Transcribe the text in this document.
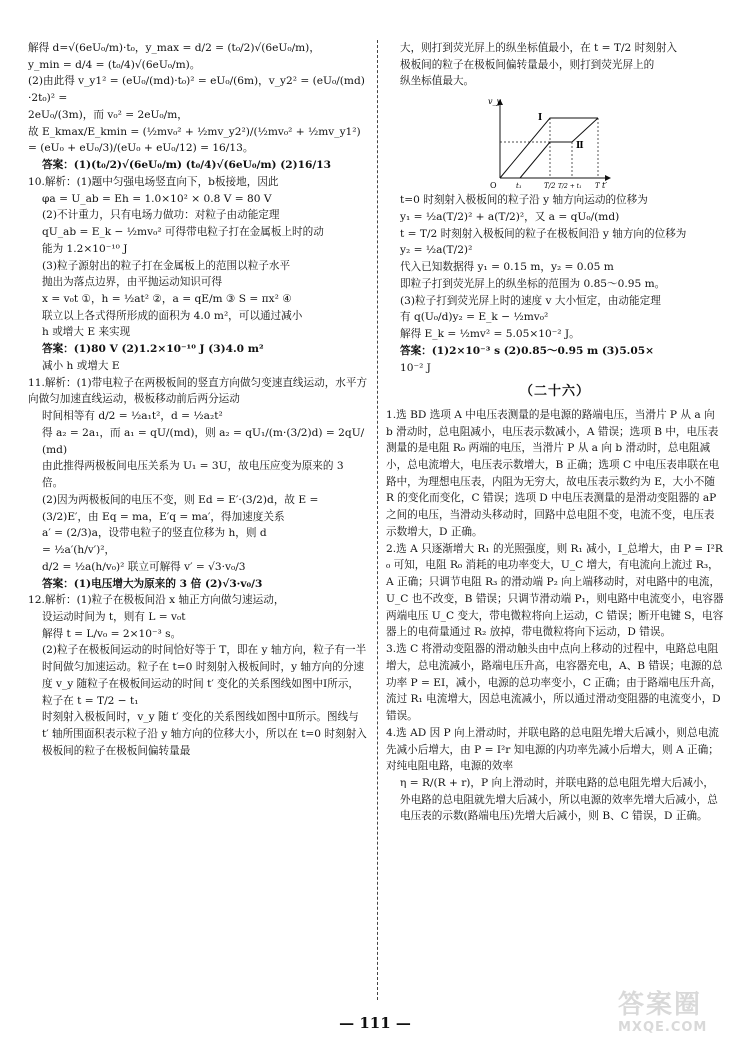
解得 d=√(6eU₀/m)·t₀，y_max = d/2 = (t₀/2)√(6eU₀/m)，

y_min = d/4 = (t₀/4)√(6eU₀/m)。

(2)由此得 v_y1² = (eU₀/(md)·t₀)² = eU₀/(6m)，v_y2² = (eU₀/(md)·2t₀)² =

2eU₀/(3m)，而 v₀² = 2eU₀/m，

故 E_kmax/E_kmin = (½mv₀² + ½mv_y2²)/(½mv₀² + ½mv_y1²) = (eU₀ + eU₀/3)/(eU₀ + eU₀/12) = 16/13。

答案：(1)(t₀/2)√(6eU₀/m) (t₀/4)√(6eU₀/m) (2)16/13

10.解析：(1)题中匀强电场竖直向下，b板接地，因此

φa = U_ab = Eh = 1.0×10² × 0.8 V = 80 V

(2)不计重力，只有电场力做功：对粒子由动能定理

qU_ab = E_k − ½mv₀² 可得带电粒子打在金属板上时的动

能为 1.2×10⁻¹⁰ J

(3)粒子源射出的粒子打在金属板上的范围以粒子水平

抛出为落点边界，由平抛运动知识可得

x = v₀t ①，h = ½at² ②，a = qE/m ③ S = πx² ④

联立以上各式得所形成的面积为 4.0 m²，可以通过减小

h 或增大 E 来实现

答案：(1)80 V (2)1.2×10⁻¹⁰ J (3)4.0 m²

减小 h 或增大 E

11.解析：(1)带电粒子在两极板间的竖直方向做匀变速直线运动，水平方向做匀加速直线运动，极板移动前后两分运动

时间相等有 d/2 = ½a₁t²，d = ½a₂t²

得 a₂ = 2a₁，而 a₁ = qU/(md)，则 a₂ = qU₁/(m·(3/2)d) = 2qU/(md)

由此推得两极板间电压关系为 U₁ = 3U，故电压应变为原来的 3 倍。

(2)因为两极板间的电压不变，则 Ed = E′·(3/2)d，故 E =

(3/2)E′，由 Eq = ma，E′q = ma′，得加速度关系

a′ = (2/3)a，设带电粒子的竖直位移为 h，则 d

= ½a′(h/v′)²，

d/2 = ½a(h/v₀)² 联立可解得 v′ = √3·v₀/3

答案：(1)电压增大为原来的 3 倍 (2)√3·v₀/3

12.解析：(1)粒子在极板间沿 x 轴正方向做匀速运动，

设运动时间为 t，则有 L = v₀t

解得 t = L/v₀ = 2×10⁻³ s。

(2)粒子在极板间运动的时间恰好等于 T，即在 y 轴方向，粒子有一半时间做匀加速运动。粒子在 t=0 时刻射入极板间时，y 轴方向的分速度 v_y 随粒子在极板间运动的时间 t′ 变化的关系图线如图中Ⅰ所示，粒子在 t = T/2 − t₁

时刻射入极板间时，v_y 随 t′ 变化的关系图线如图中Ⅱ所示。图线与 t′ 轴所围面积表示粒子沿 y 轴方向的位移大小，所以在 t=0 时刻射入极板间的粒子在极板间偏转量最

大，则打到荧光屏上的纵坐标值最小，在 t = T/2 时刻射入

极板间的粒子在极板间偏转量最小，则打到荧光屏上的

纵坐标值最大。

v_y
t′
O
Ⅰ
Ⅱ
t₁	T/2 T/2 + t₁ T

t=0 时刻射入极板间的粒子沿 y 轴方向运动的位移为

y₁ = ½a(T/2)² + a(T/2)²，又 a = qU₀/(md)

t = T/2 时刻射入极板间的粒子在极板间沿 y 轴方向的位移为

y₂ = ½a(T/2)²

代入已知数据得 y₁ = 0.15 m，y₂ = 0.05 m

即粒子打到荧光屏上的纵坐标的范围为 0.85～0.95 m。

(3)粒子打到荧光屏上时的速度 v 大小恒定，由动能定理

有 q(U₀/d)y₂ = E_k − ½mv₀²

解得 E_k = ½mv² = 5.05×10⁻² J。

答案：(1)2×10⁻³ s (2)0.85～0.95 m (3)5.05×

10⁻² J

（二十六）

1.选 BD 选项 A 中电压表测量的是电源的路端电压，当滑片 P 从 a 向 b 滑动时，总电阻减小，电压表示数减小，A 错误；选项 B 中，电压表测量的是电阻 R₀ 两端的电压，当滑片 P 从 a 向 b 滑动时，总电阻减小，总电流增大，电压表示数增大，B 正确；选项 C 中电压表串联在电路中，为理想电压表，内阻为无穷大，故电压表示数约为 E，大小不随 R 的变化而变化，C 错误；选项 D 中电压表测量的是滑动变阻器的 aP 之间的电压，当滑动头移动时，回路中总电阻不变，电流不变，电压表示数增大，D 正确。

2.选 A 只逐渐增大 R₁ 的光照强度，则 R₁ 减小，I_总增大，由 P = I²R₀ 可知，电阻 R₀ 消耗的电功率变大，U_C 增大，有电流向上流过 R₃，A 正确；只调节电阻 R₃ 的滑动端 P₂ 向上端移动时，对电路中的电流，U_C 也不改变，B 错误；只调节滑动端 P₁，则电路中电流变小，电容器两端电压 U_C 变大，带电微粒将向上运动，C 错误；断开电键 S，电容器上的电荷量通过 R₂ 放掉，带电微粒将向下运动，D 错误。

3.选 C 将滑动变阻器的滑动触头由中点向上移动的过程中，电路总电阻增大，总电流减小，路端电压升高，电容器充电，A、B 错误；电源的总功率 P = EI，减小，电源的总功率变小，C 正确；由于路端电压升高，流过 R₁ 电流增大，因总电流减小，所以通过滑动变阻器的电流变小，D 错误。

4.选 AD 因 P 向上滑动时，并联电路的总电阻先增大后减小，则总电流先减小后增大，由 P = I²r 知电源的内功率先减小后增大，则 A 正确；对纯电阻电路，电源的效率

η = R/(R + r)，P 向上滑动时，并联电路的总电阻先增大后减小，外电路的总电阻就先增大后减小，所以电源的效率先增大后减小，总电压表的示数(路端电压)先增大后减小，则 B、C 错误，D 正确。

— 111 —
答案圈
MXQE.COM
